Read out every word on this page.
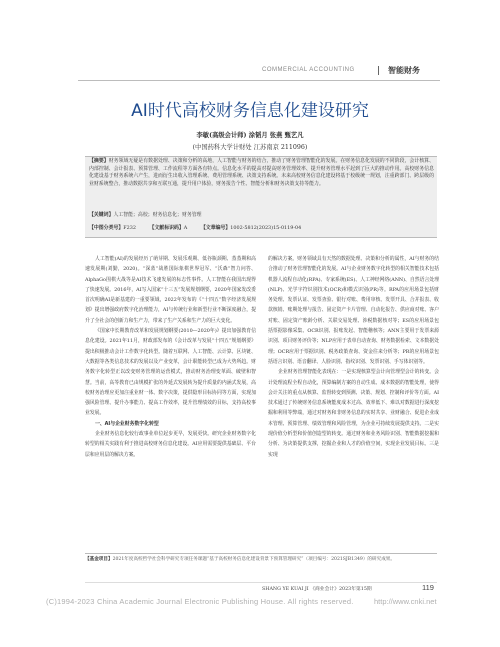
COMMERCIAL ACCOUNTING	智能财务
AI时代高校财务信息化建设研究
李敏(高级会计师) 涂韬月 张燕 甄艺凡
(中国药科大学计财处 江苏南京 211096)
【摘要】财务领域无疑是有数据处理、决策和分析的高地，人工智能与财务的结合，推动了财务管理智能化的发展。在财务信息化发展的不同阶段，会计核算、内部控制、会计报表、预算管理、工作流程等方面各有特点。信息化水平的提高对提高财务管理效率、提升财务管理水平起到了巨大的推动作用。高校财务信息化建设基于财务系统六产生，进而衍生出收入管理系统、费用管理系统、决策支持系统。未来高校财务信息化建设将基于校级统一规划，注重跨部门、跨层级的业财系统整合，推动数据共享和互联互通，提升用户体验，财务报告个性、智能分析和财务决策支持等能力。
【关键词】人工智能；高校；财务信息化；财务管理
【中图分类号】F232	【文献标识码】A	【文章编号】1002-5812(2023)15-0119-04

人工智能(AI)的发展经历了萌芽期、发展乐观期、低谷瓶颈期、蒸蒸期和高速发展期(刘勤，2020)。“深蓝”战胜国际象棋世界冠军、“沃森”智力问答、AlphaGo围棋大战等是AI技术飞速发展的标志性事件。人工智能在我国出现得了快速发展。2016年，AI写入国家“十三五”发展规划纲要，2020年国家发改委首次明确AI是新基建的一重要领域，2022年发布的《“十四五”数字经济发展规划》提出增强政府数字化治理能力，AI与传统行业和新型行业不断深度融合，提升了全社会的创新力和生产力，带来了生产关系和生产力的巨大变化。

《国家中长期教育改革和发展规划纲要(2010—2020年)》提出加强教育信息化建设。2021年11月，财政部发布的《会计改革与发展“十四五”规划纲要》提出积极推动会计工作数字化转型。随着互联网、人工智能、云计算、区块链、大数据等各类信息技术的发展以及产业变革，会计职能转型已成为大势所趋。财务数字化转型正以改变财务管理的运营模式，推动财务治理变革面、破壁和智慧。当前，高等教育已由规模扩张的外延式发展转为提升质量的内涵式发展，高校财务治理应更加注重业财一体、数字决策，提供隐形目标协同等方面，实现加强风险管理、提升办事能力、提高工作效率，提升管理绩效的目标，支持高校事业发展。

一、AI与企业财务数字化转型

企业财务信息化较行政事业单位起步更早，发展更快。研究企业财务数字化转型的相关实践有利于推进高校财务信息化建设。AI应用需要提供基础层、平台层和应用层的解决方案。

的解决方案。财务领域具有天然的数据处理、决策和分析的属性，AI与财务的结合推动了财务管理智能化的发展。AI与企业财务数字化转型的相关智能技术包括机器人流程自动化(RPA)、专家系统(ES)、人工神经网络(ANN)、自然语言处理(NLP)、光学字符识别技术(OCR)和模式识别(PR)等。RPA的应用场景包括财务处理、发票认证、发票查验、银行对账、费用审核、发票开具、合并报表、收款核销、账期处理与报告、固定资产卡片管理、自动化报告、供应商对账、客户对账、固定资产账龄分析、关联交易处理、涉税数据核对等；ES的应用场景包括票据影像采集、OCR识别、报账发起、智能稽核等；ANN主要用于发票来源识别、项目财务评价等；NLP应用于表单自动查询、财务数据检索、文本数据处理；OCR应用于票据识别、税务政策查询、资金往来分析等；PR的应用场景包括语言识别、语音翻译、人脸识别、指纹识别、发票识别、手写体识别等。

企业财务管理智能化表现在：一是实现核算型会计向管理型会计的转变。会计处理流程全程自动化，预算编制方案的自动生成、成本数据的智能处理，使得会计关注的重点从核算、监督转变到预测、决策、规划、控制和评价等方面。AI技术通过了传统财务信息系统能度成本过高、效率低下、难以对数据进行深度挖掘和利用等弊端，通过对财务和非财务信息的实时共享、业财融合、促进企业成本管理、预算管理、绩效管理和风险管理，为企业可持续发展提供支持。二是实现价值分析型和价值创造型的转变。通过财务和业务风险识别、智能数据挖掘和分析、为决策提供支撑，挖掘企业和人才的价值空间，实现企业发展目标。三是实现

【基金项目】2021年度高校哲学社会科学研究专项任务课题“基于高校财务信息化建设背景下预算管理研究”（项目编号：2021SJB1349）的研究成果。
SHANG YE KUAI JI 《商业会计》2023年第15期	119
(C)1994-2023 China Academic Journal Electronic Publishing House. All rights reserved.	http://www.cnki.net
